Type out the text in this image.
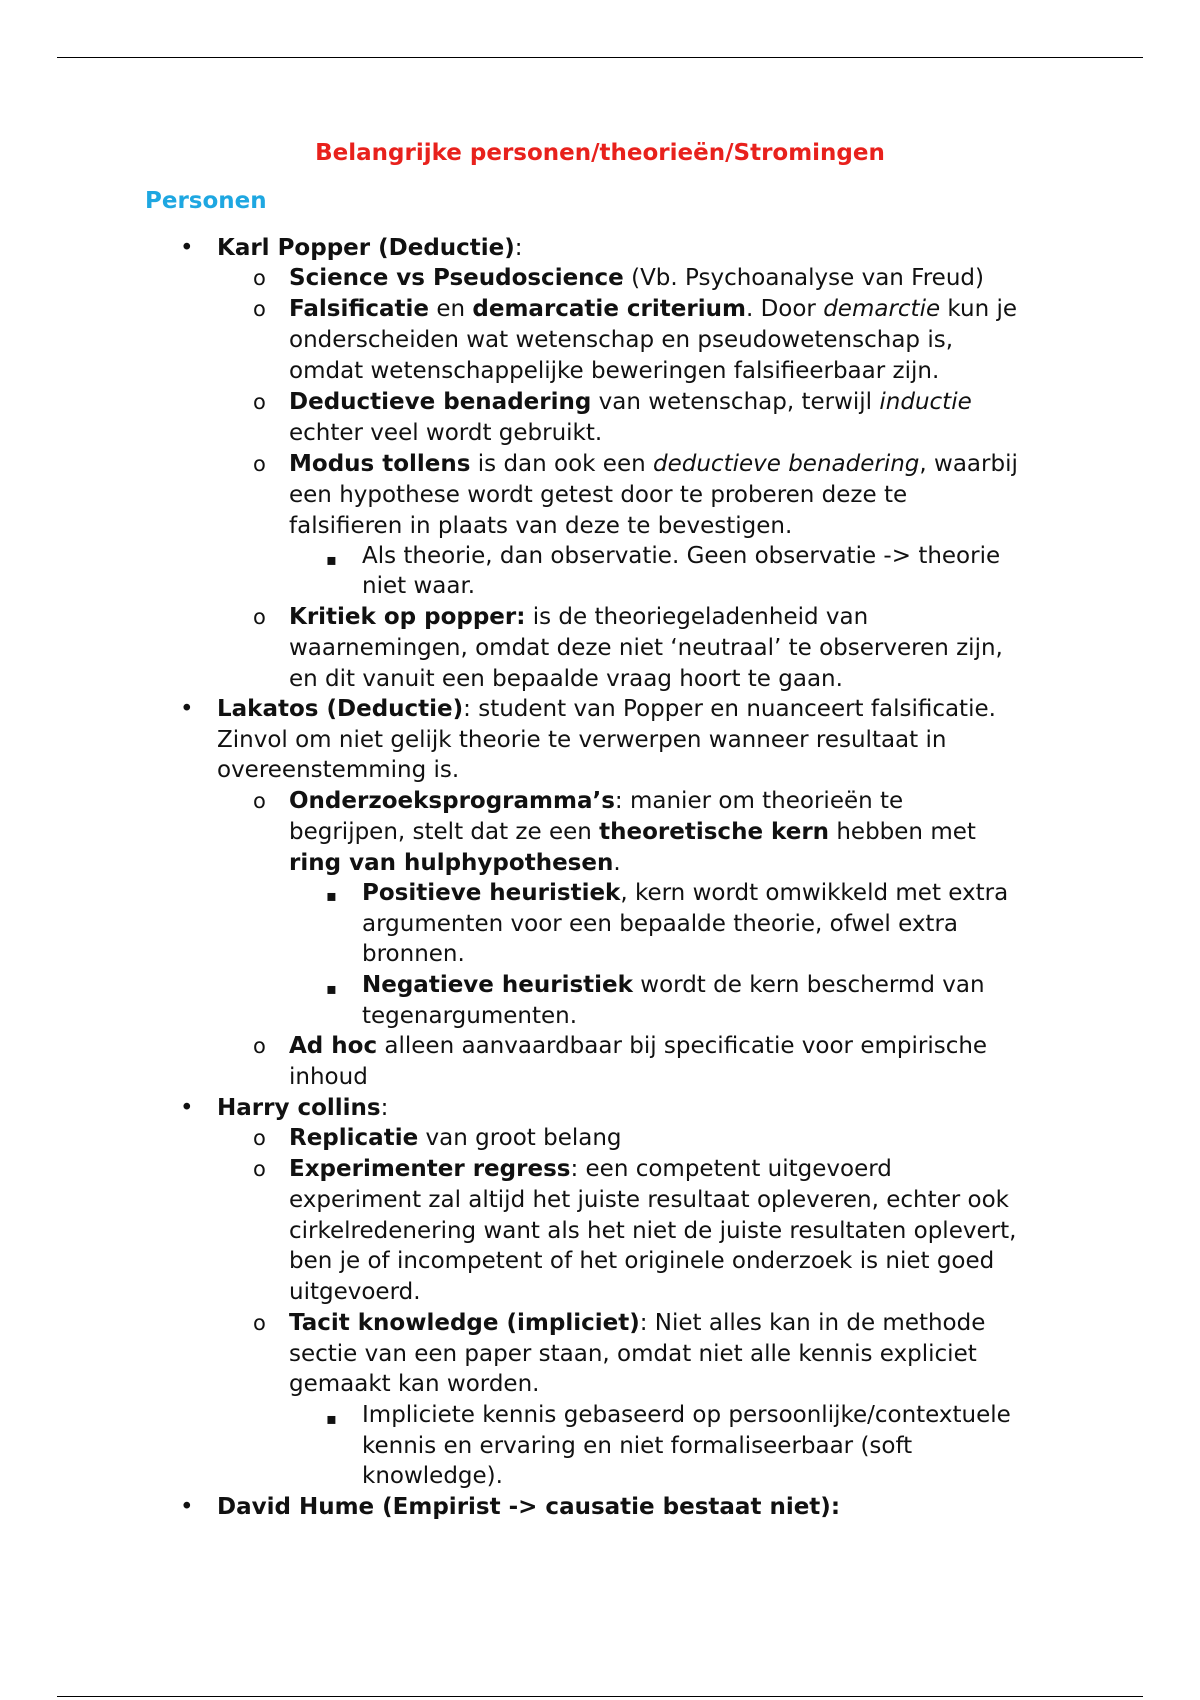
Belangrijke personen/theorieën/Stromingen
Personen
• Karl Popper (Deductie):
o Science vs Pseudoscience (Vb. Psychoanalyse van Freud)
o Falsificatie en demarcatie criterium. Door demarctie kun je
onderscheiden wat wetenschap en pseudowetenschap is,
omdat wetenschappelijke beweringen falsifieerbaar zijn.
o Deductieve benadering van wetenschap, terwijl inductie
echter veel wordt gebruikt.
o Modus tollens is dan ook een deductieve benadering, waarbij
een hypothese wordt getest door te proberen deze te
falsifieren in plaats van deze te bevestigen.
▪ Als theorie, dan observatie. Geen observatie -> theorie
niet waar.
o Kritiek op popper: is de theoriegeladenheid van
waarnemingen, omdat deze niet ‘neutraal’ te observeren zijn,
en dit vanuit een bepaalde vraag hoort te gaan.
• Lakatos (Deductie): student van Popper en nuanceert falsificatie.
Zinvol om niet gelijk theorie te verwerpen wanneer resultaat in
overeenstemming is.
o Onderzoeksprogramma’s: manier om theorieën te
begrijpen, stelt dat ze een theoretische kern hebben met
ring van hulphypothesen.
▪ Positieve heuristiek, kern wordt omwikkeld met extra
argumenten voor een bepaalde theorie, ofwel extra
bronnen.
▪ Negatieve heuristiek wordt de kern beschermd van
tegenargumenten.
o Ad hoc alleen aanvaardbaar bij specificatie voor empirische
inhoud
• Harry collins:
o Replicatie van groot belang
o Experimenter regress: een competent uitgevoerd
experiment zal altijd het juiste resultaat opleveren, echter ook
cirkelredenering want als het niet de juiste resultaten oplevert,
ben je of incompetent of het originele onderzoek is niet goed
uitgevoerd.
o Tacit knowledge (impliciet): Niet alles kan in de methode
sectie van een paper staan, omdat niet alle kennis expliciet
gemaakt kan worden.
▪ Impliciete kennis gebaseerd op persoonlijke/contextuele
kennis en ervaring en niet formaliseerbaar (soft
knowledge).
• David Hume (Empirist -> causatie bestaat niet):
